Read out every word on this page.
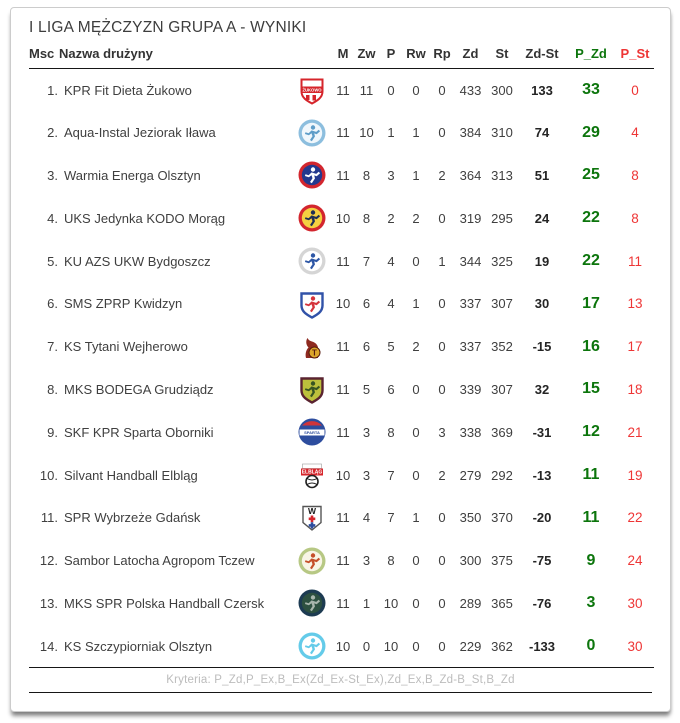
I LIGA MĘŻCZYZN GRUPA A - WYNIKI
Msc	Nazwa drużyny		M	Zw	P	Rw	Rp	Zd	St	Zd-St	P_Zd	P_St
1.	KPR Fit Dieta Żukowo	ŻUKOWO	11	11	0	0	0	433	300	133	33	0
2.	Aqua-Instal Jeziorak Iława		11	10	1	1	0	384	310	74	29	4
3.	Warmia Energa Olsztyn		11	8	3	1	2	364	313	51	25	8
4.	UKS Jedynka KODO Morąg		10	8	2	2	0	319	295	24	22	8
5.	KU AZS UKW Bydgoszcz		11	7	4	0	1	344	325	19	22	11
6.	SMS ZPRP Kwidzyn		10	6	4	1	0	337	307	30	17	13
7.	KS Tytani Wejherowo	T	11	6	5	2	0	337	352	-15	16	17
8.	MKS BODEGA Grudziądz		11	5	6	0	0	339	307	32	15	18
9.	SKF KPR Sparta Oborniki	SPARTA	11	3	8	0	3	338	369	-31	12	21
10.	Silvant Handball Elbląg	ELBLĄG	10	3	7	0	2	279	292	-13	11	19
11.	SPR Wybrzeże Gdańsk	W	11	4	7	1	0	350	370	-20	11	22
12.	Sambor Latocha Agropom Tczew		11	3	8	0	0	300	375	-75	9	24
13.	MKS SPR Polska Handball Czersk		11	1	10	0	0	289	365	-76	3	30
14.	KS Szczypiorniak Olsztyn		10	0	10	0	0	229	362	-133	0	30
Kryteria: P_Zd,P_Ex,B_Ex(Zd_Ex-St_Ex),Zd_Ex,B_Zd-B_St,B_Zd
